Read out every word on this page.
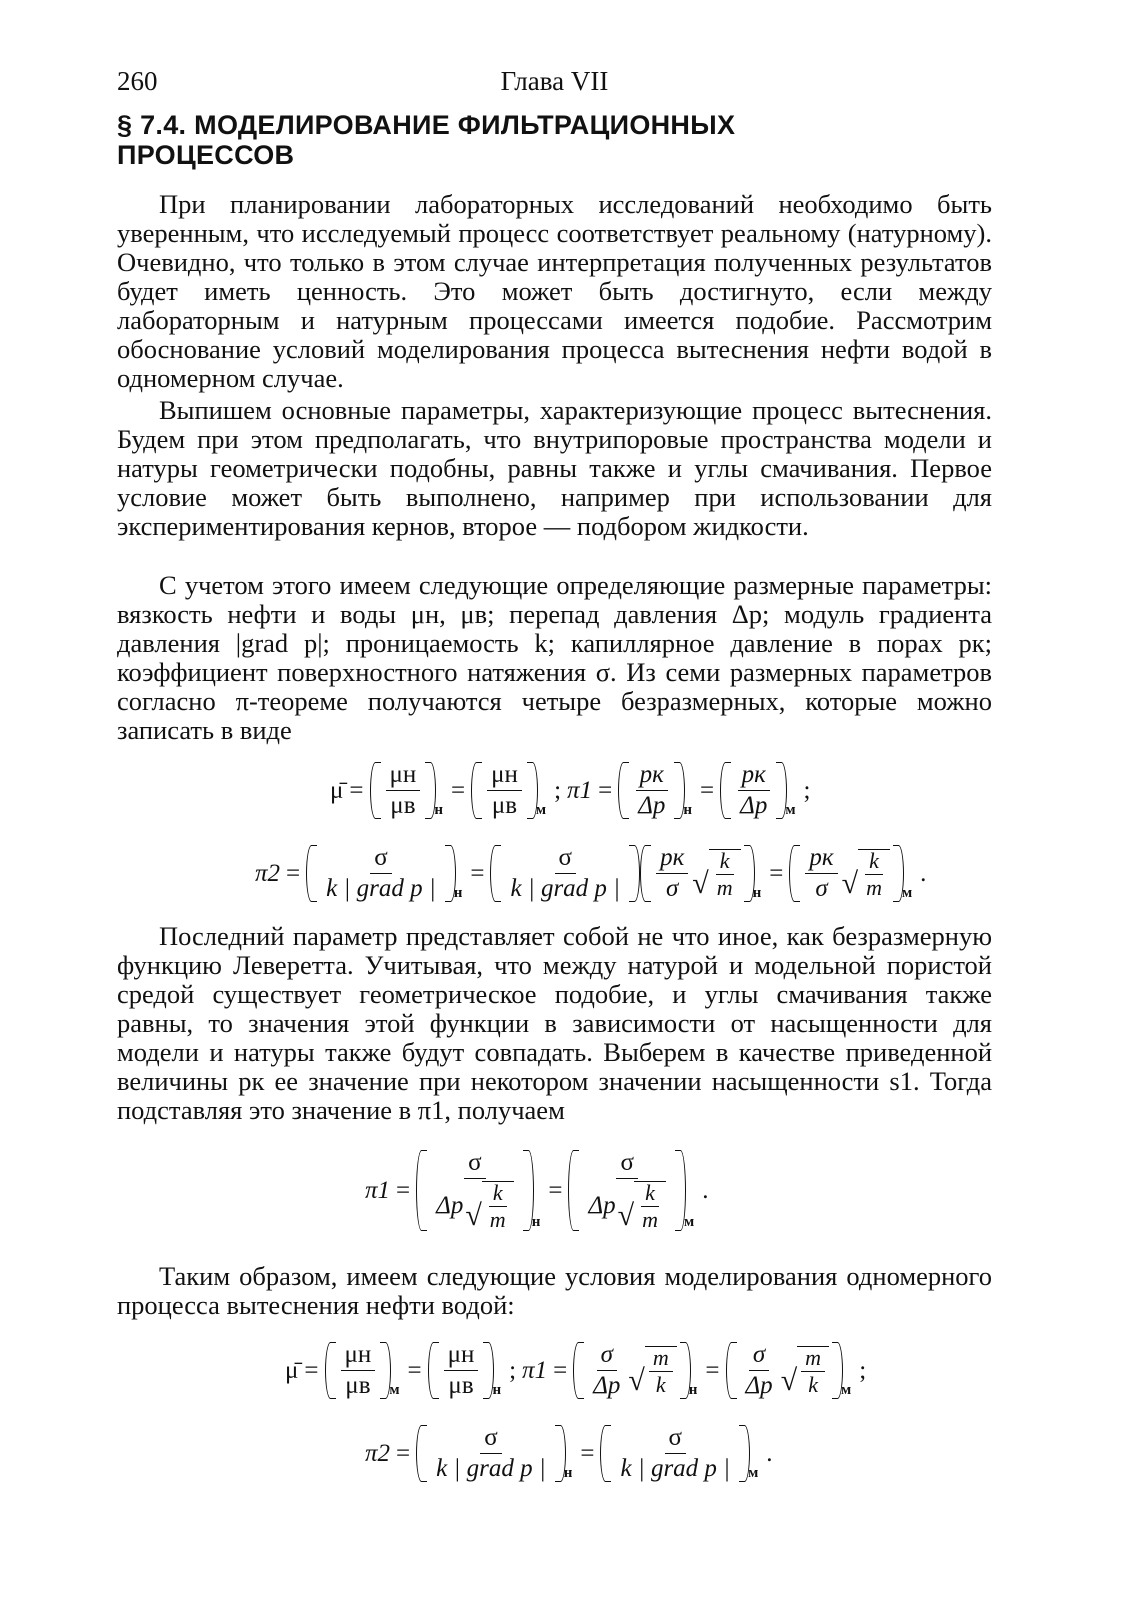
260	Глава VII
§ 7.4. МОДЕЛИРОВАНИЕ ФИЛЬТРАЦИОННЫХ
ПРОЦЕССОВ

При планировании лабораторных исследований необходимо быть уверенным, что исследуемый процесс соответствует реальному (натурному). Очевидно, что только в этом случае интерпретация полученных результатов будет иметь ценность. Это может быть достигнуто, если между лабораторным и натурным процессами имеется подобие. Рассмотрим обоснование условий моделирования процесса вытеснения нефти водой в одномерном случае.

Выпишем основные параметры, характеризующие процесс вытеснения. Будем при этом предполагать, что внутрипоровые пространства модели и натуры геометрически подобны, равны также и углы смачивания. Первое условие может быть выполнено, например при использовании для экспериментирования кернов, второе — подбором жидкости.

С учетом этого имеем следующие определяющие размерные параметры: вязкость нефти и воды μн, μв; перепад давления Δp; модуль градиента давления |grad p|; проницаемость k; капиллярное давление в порах pк; коэффициент поверхностного натяжения σ. Из семи размерных параметров согласно π-теореме получаются четыре безразмерных, которые можно записать в виде

μ̄ = $\frac{\mu н}{\mu в}$ н
= $\frac{\mu н}{\mu в}$ м
; $\pi 1 = \frac{pк}{\Delta p}$ н
= $\frac{pк}{\Delta p}$ м
;
$\pi 2 = \frac{\sigma}{\text{k | grad p |}}$ н
= $\frac{\sigma}{\text{k | grad p |}} \frac{pк}{\sigma}$ √ $\frac{k}{m}$ н
= $\frac{pк}{\sigma}$ √ $\frac{k}{m}$ м
.

Последний параметр представляет собой не что иное, как безразмерную функцию Леверетта. Учитывая, что между натурой и модельной пористой средой существует геометрическое подобие, и углы смачивания также равны, то значения этой функции в зависимости от насыщенности для модели и натуры также будут совпадать. Выберем в качестве приведенной величины pк ее значение при некотором значении насыщенности s1. Тогда подставляя это значение в π1, получаем

$\pi 1 = \frac{\sigma}{\Delta p √ \frac{k}{m}}$ н
= $\frac{\sigma}{\Delta p √ \frac{k}{m}}$ м
.

Таким образом, имеем следующие условия моделирования одномерного процесса вытеснения нефти водой:

μ̄ = $\frac{\mu н}{\mu в}$ м
= $\frac{\mu н}{\mu в}$ н
; $\pi 1 = \frac{\sigma}{\Delta p}$ √ $\frac{m}{k}$ н
= $\frac{\sigma}{\Delta p}$ √ $\frac{m}{k}$ м
;
$\pi 2 = \frac{\sigma}{\text{k | grad p |}}$ н
= $\frac{\sigma}{\text{k | grad p |}}$ м
.
